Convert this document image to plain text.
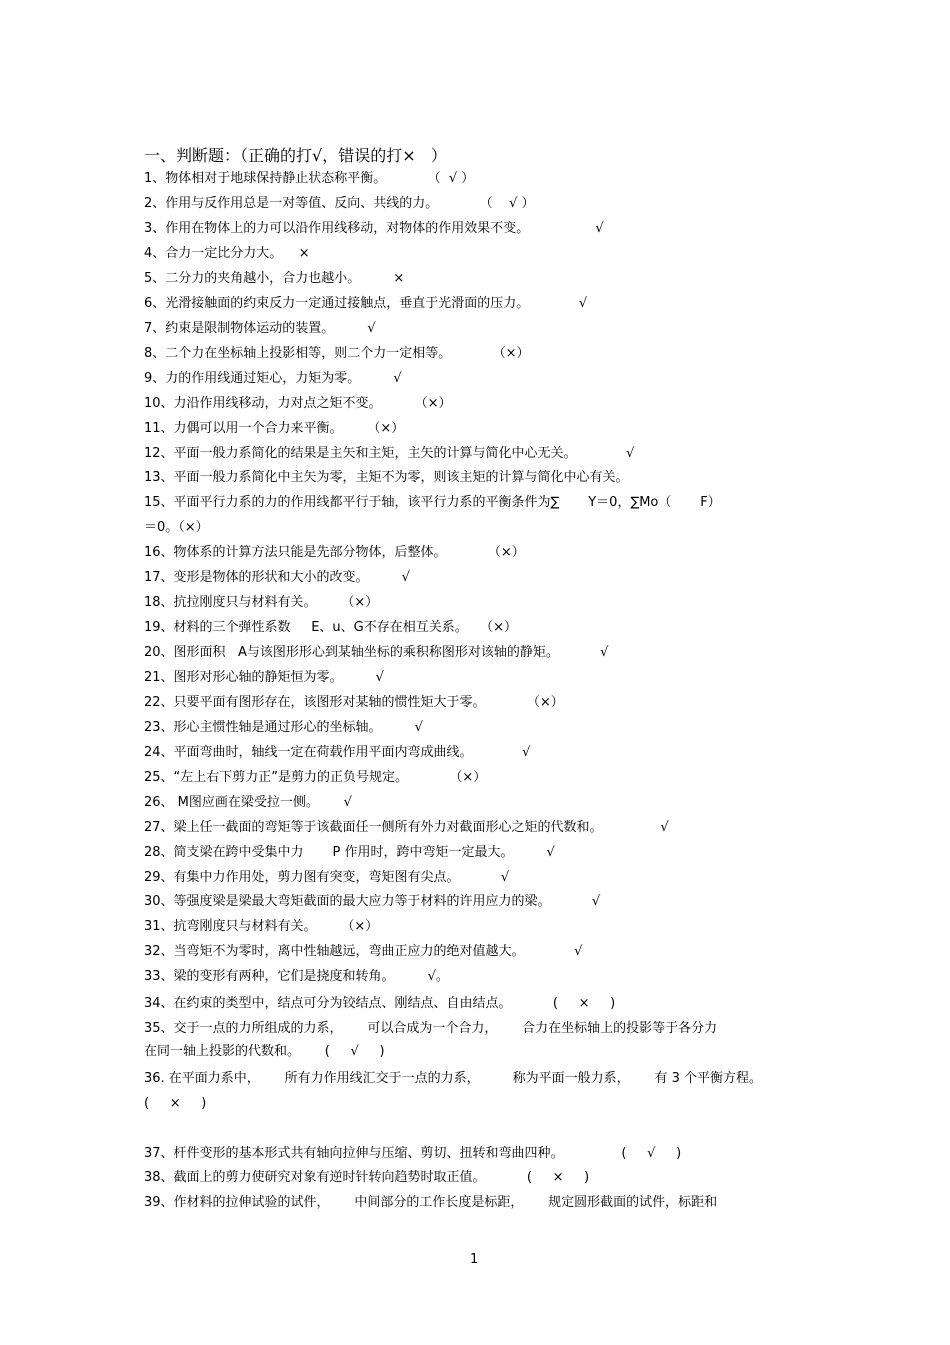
一、判断题：（正确的打√，错误的打×   ）
1、物体相对于地球保持静止状态称平衡。          （  √ ）
2、作用与反作用总是一对等值、反向、共线的力。          （    √ ）
3、作用在物体上的力可以沿作用线移动，对物体的作用效果不变。                √
4、合力一定比分力大。    ×
5、二分力的夹角越小，合力也越小。        ×
6、光滑接触面的约束反力一定通过接触点，垂直于光滑面的压力。            √
7、约束是限制物体运动的装置。        √
8、二个力在坐标轴上投影相等，则二个力一定相等。          （×）
9、力的作用线通过矩心，力矩为零。        √
10、力沿作用线移动，力对点之矩不变。        （×）
11、力偶可以用一个合力来平衡。      （×）
12、平面一般力系简化的结果是主矢和主矩，主矢的计算与简化中心无关。            √
13、平面一般力系简化中主矢为零，主矩不为零，则该主矩的计算与简化中心有关。
15、平面平行力系的力的作用线都平行于轴，该平行力系的平衡条件为∑       Y＝0，∑Mo（       F）
＝0。（×）
16、物体系的计算方法只能是先部分物体，后整体。          （×）
17、变形是物体的形状和大小的改变。        √
18、抗拉刚度只与材料有关。      （×）
19、材料的三个弹性系数     E、u、G不存在相互关系。   （×）
20、图形面积   A与该图形形心到某轴坐标的乘积称图形对该轴的静矩。          √
21、图形对形心轴的静矩恒为零。        √
22、只要平面有图形存在，该图形对某轴的惯性矩大于零。          （×）
23、形心主惯性轴是通过形心的坐标轴。        √
24、平面弯曲时，轴线一定在荷载作用平面内弯成曲线。            √
25、“左上右下剪力正”是剪力的正负号规定。          （×）
26、 M图应画在梁受拉一侧。      √
27、梁上任一截面的弯矩等于该截面任一侧所有外力对截面形心之矩的代数和。              √
28、简支梁在跨中受集中力       P 作用时，跨中弯矩一定最大。        √
29、有集中力作用处，剪力图有突变，弯矩图有尖点。          √
30、等强度梁是梁最大弯矩截面的最大应力等于材料的许用应力的梁。          √
31、抗弯刚度只与材料有关。      （×）
32、当弯矩不为零时，离中性轴越远，弯曲正应力的绝对值越大。            √
33、梁的变形有两种，它们是挠度和转角。        √。
34、在约束的类型中，结点可分为铰结点、刚结点、自由结点。          (     ×     )
35、交于一点的力所组成的力系，      可以合成为一个合力，      合力在坐标轴上的投影等于各分力
在同一轴上投影的代数和。      (     √     )
36. 在平面力系中，      所有力作用线汇交于一点的力系，        称为平面一般力系，      有 3 个平衡方程。
(     ×     )
37、杆件变形的基本形式共有轴向拉伸与压缩、剪切、扭转和弯曲四种。              (     √     )
38、截面上的剪力使研究对象有逆时针转向趋势时取正值。          (     ×     )
39、作材料的拉伸试验的试件，      中间部分的工作长度是标距，      规定圆形截面的试件，标距和
1
